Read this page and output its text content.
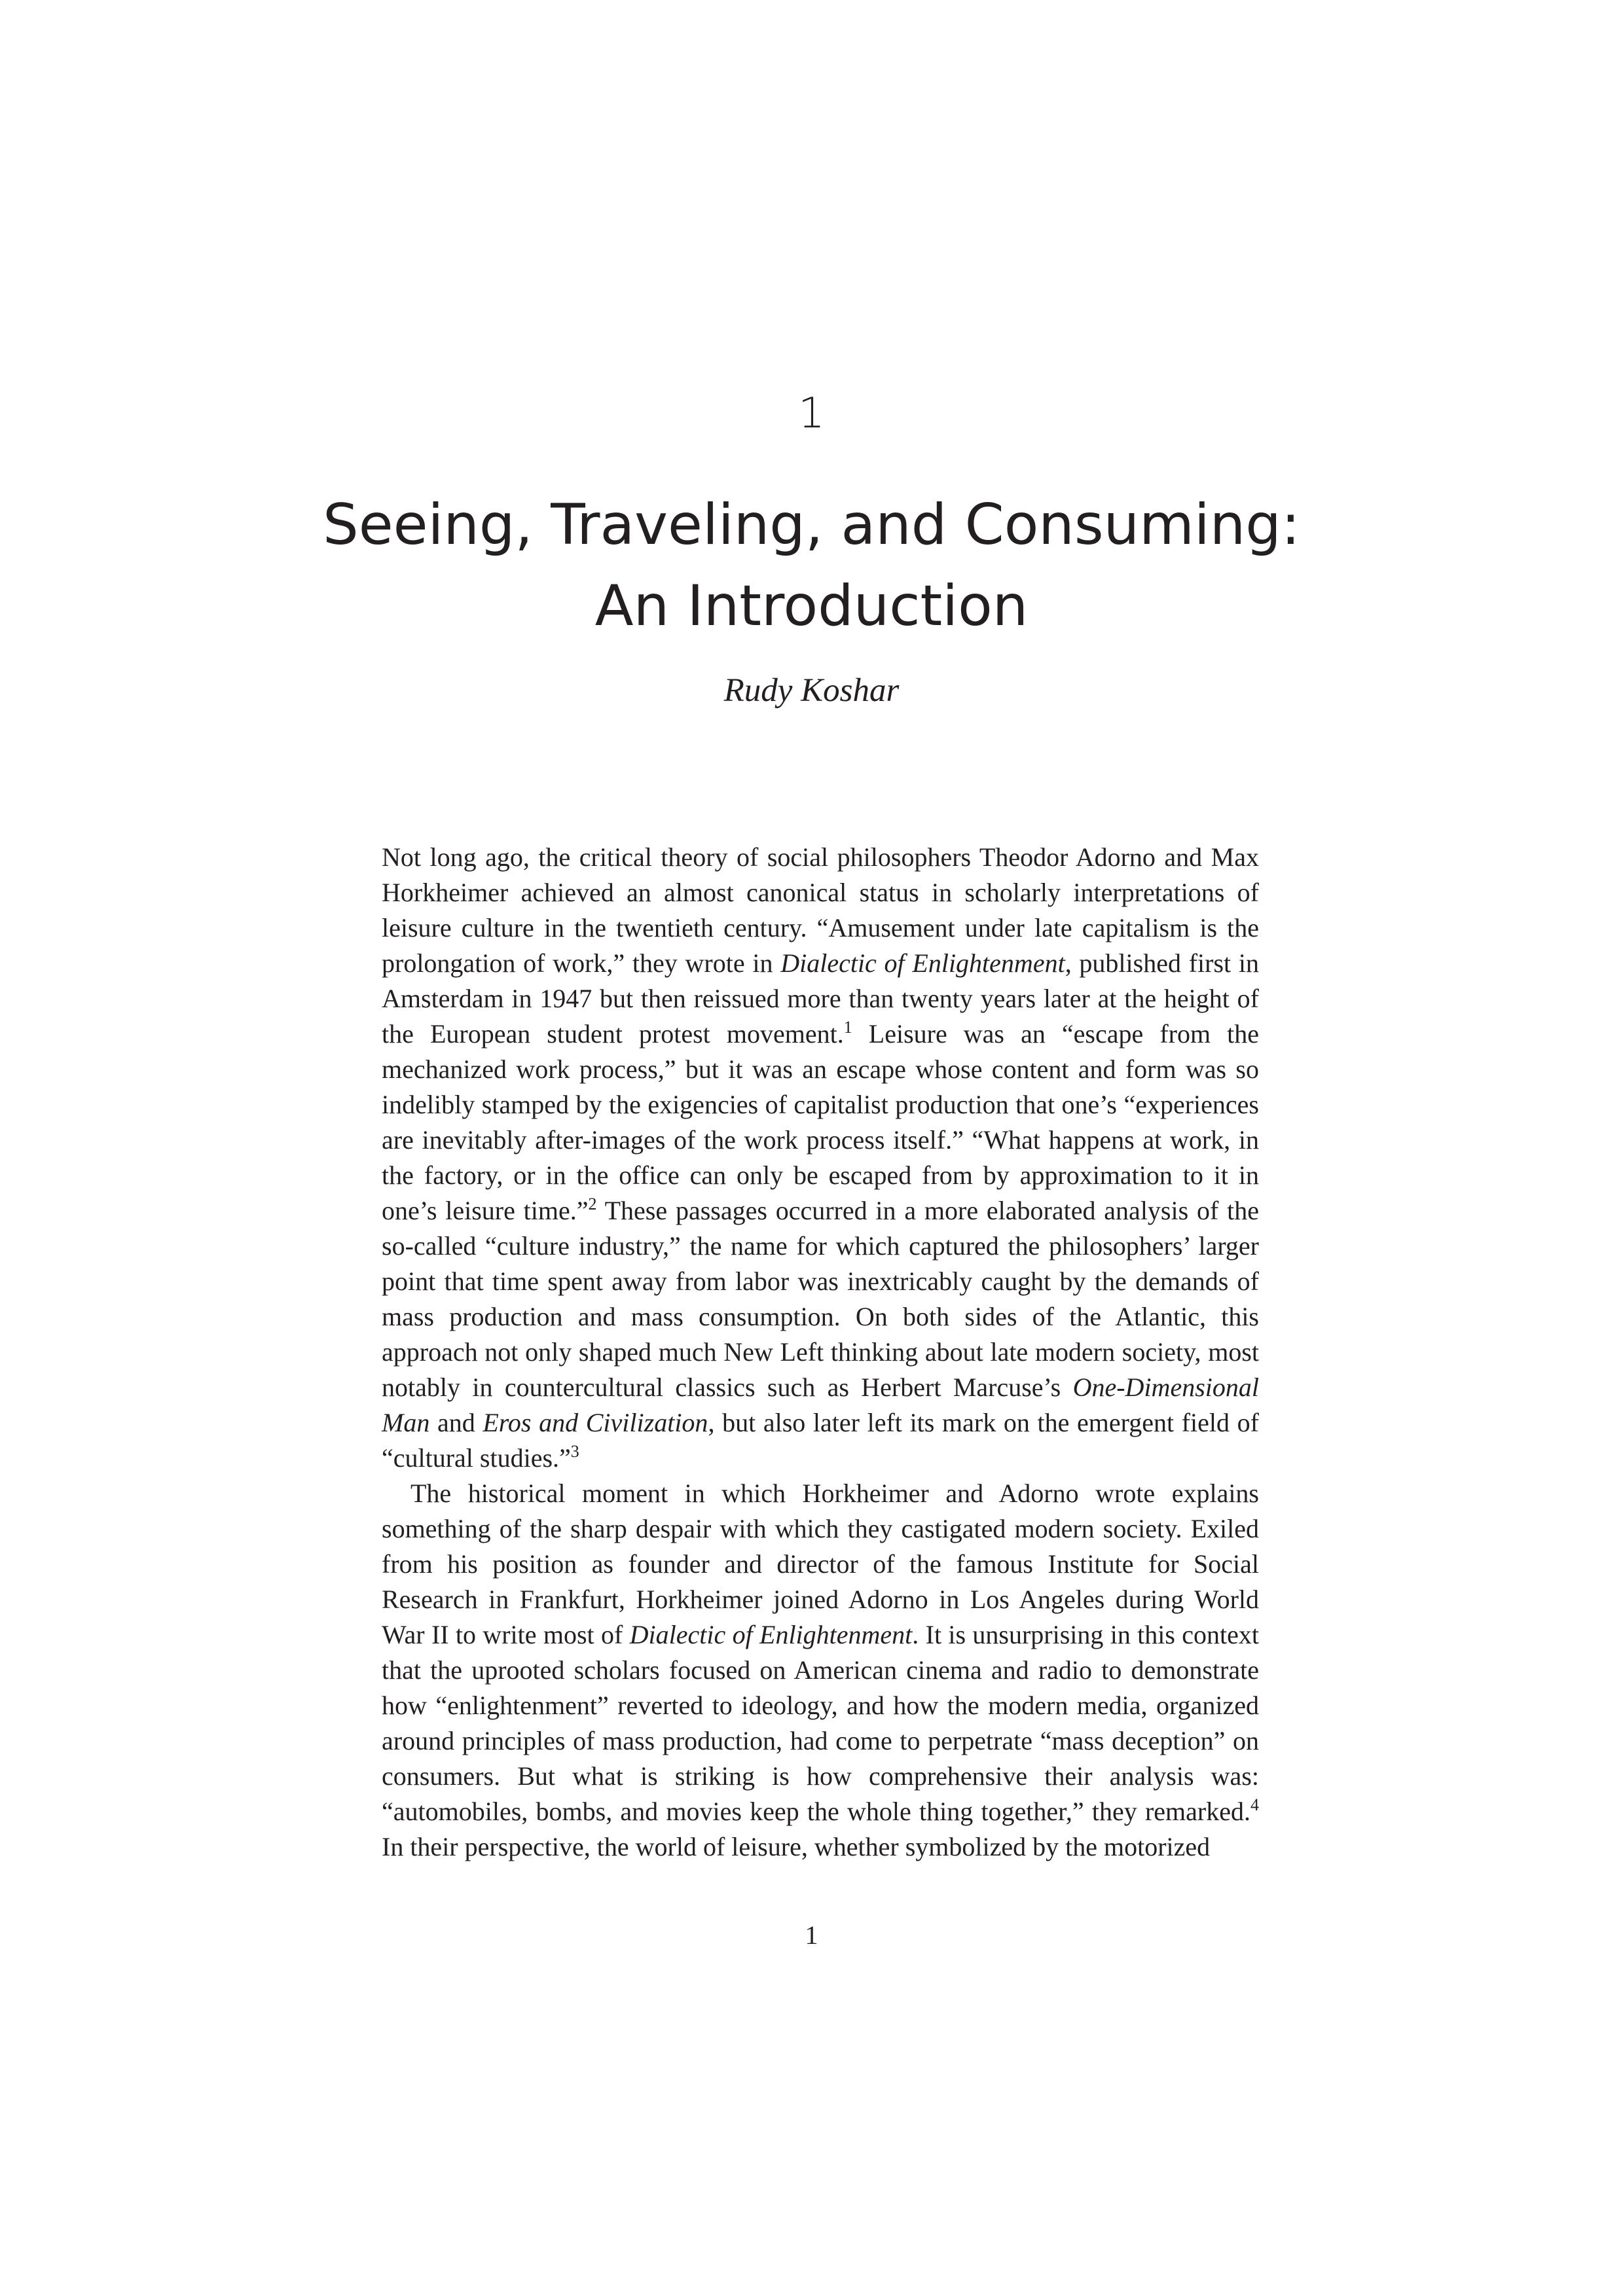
1
Seeing, Traveling, and Consuming:
An Introduction
Rudy Koshar

Not long ago, the critical theory of social philosophers Theodor Adorno and Max Horkheimer achieved an almost canonical status in scholarly interpretations of leisure culture in the twentieth century. “Amusement under late capitalism is the prolongation of work,” they wrote in Dialectic of Enlightenment, published first in Amsterdam in 1947 but then reissued more than twenty years later at the height of the European student protest movement.$^1$ Leisure was an “escape from the mechanized work process,” but it was an escape whose content and form was so indelibly stamped by the exigencies of capitalist production that one’s “experiences are inevitably after-images of the work process itself.” “What happens at work, in the factory, or in the office can only be escaped from by approximation to it in one’s leisure time.”$^2$ These passages occurred in a more elaborated analysis of the so-called “culture industry,” the name for which captured the philosophers’ larger point that time spent away from labor was inextricably caught by the demands of mass production and mass consumption. On both sides of the Atlantic, this approach not only shaped much New Left thinking about late modern society, most notably in countercultural classics such as Herbert Marcuse’s One-Dimensional Man and Eros and Civilization, but also later left its mark on the emergent field of “cultural studies.”$^3$

The historical moment in which Horkheimer and Adorno wrote explains something of the sharp despair with which they castigated modern society. Exiled from his position as founder and director of the famous Institute for Social Research in Frankfurt, Horkheimer joined Adorno in Los Angeles during World War II to write most of Dialectic of Enlightenment. It is unsurprising in this context that the uprooted scholars focused on American cinema and radio to demonstrate how “enlightenment” reverted to ideology, and how the modern media, organized around principles of mass production, had come to perpetrate “mass deception” on consumers. But what is striking is how comprehensive their analysis was: “automobiles, bombs, and movies keep the whole thing together,” they remarked.$^4$ In their perspective, the world of leisure, whether symbolized by the motorized

1
